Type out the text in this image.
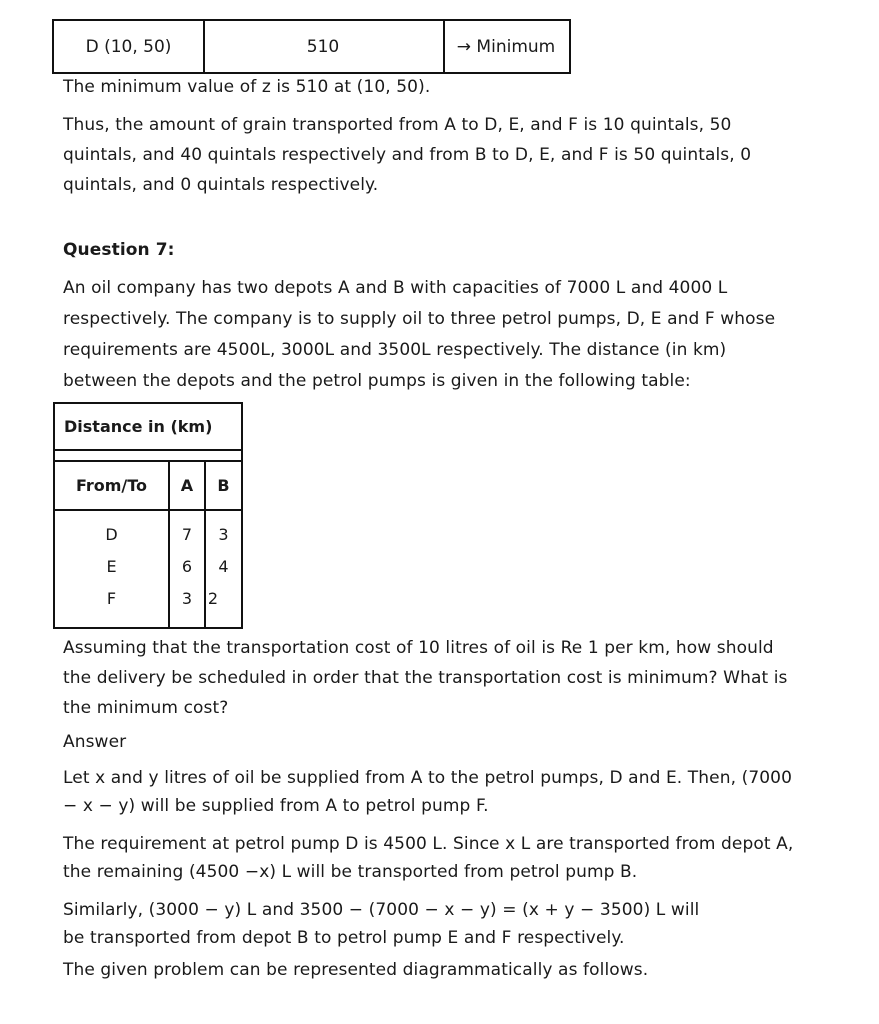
D (10, 50)	510	→ Minimum
The minimum value of z is 510 at (10, 50).
Thus, the amount of grain transported from A to D, E, and F is 10 quintals, 50
quintals, and 40 quintals respectively and from B to D, E, and F is 50 quintals, 0
quintals, and 0 quintals respectively.
Question 7:
An oil company has two depots A and B with capacities of 7000 L and 4000 L
respectively. The company is to supply oil to three petrol pumps, D, E and F whose
requirements are 4500L, 3000L and 3500L respectively. The distance (in km)
between the depots and the petrol pumps is given in the following table:
Distance in (km)
From/To	A	B
D	7	3
E	6	4
F	3 2
Assuming that the transportation cost of 10 litres of oil is Re 1 per km, how should
the delivery be scheduled in order that the transportation cost is minimum? What is
the minimum cost?
Answer
Let x and y litres of oil be supplied from A to the petrol pumps, D and E. Then, (7000
− x − y) will be supplied from A to petrol pump F.
The requirement at petrol pump D is 4500 L. Since x L are transported from depot A,
the remaining (4500 −x) L will be transported from petrol pump B.
Similarly, (3000 − y) L and 3500 − (7000 − x − y) = (x + y − 3500) L will
be transported from depot B to petrol pump E and F respectively.
The given problem can be represented diagrammatically as follows.
